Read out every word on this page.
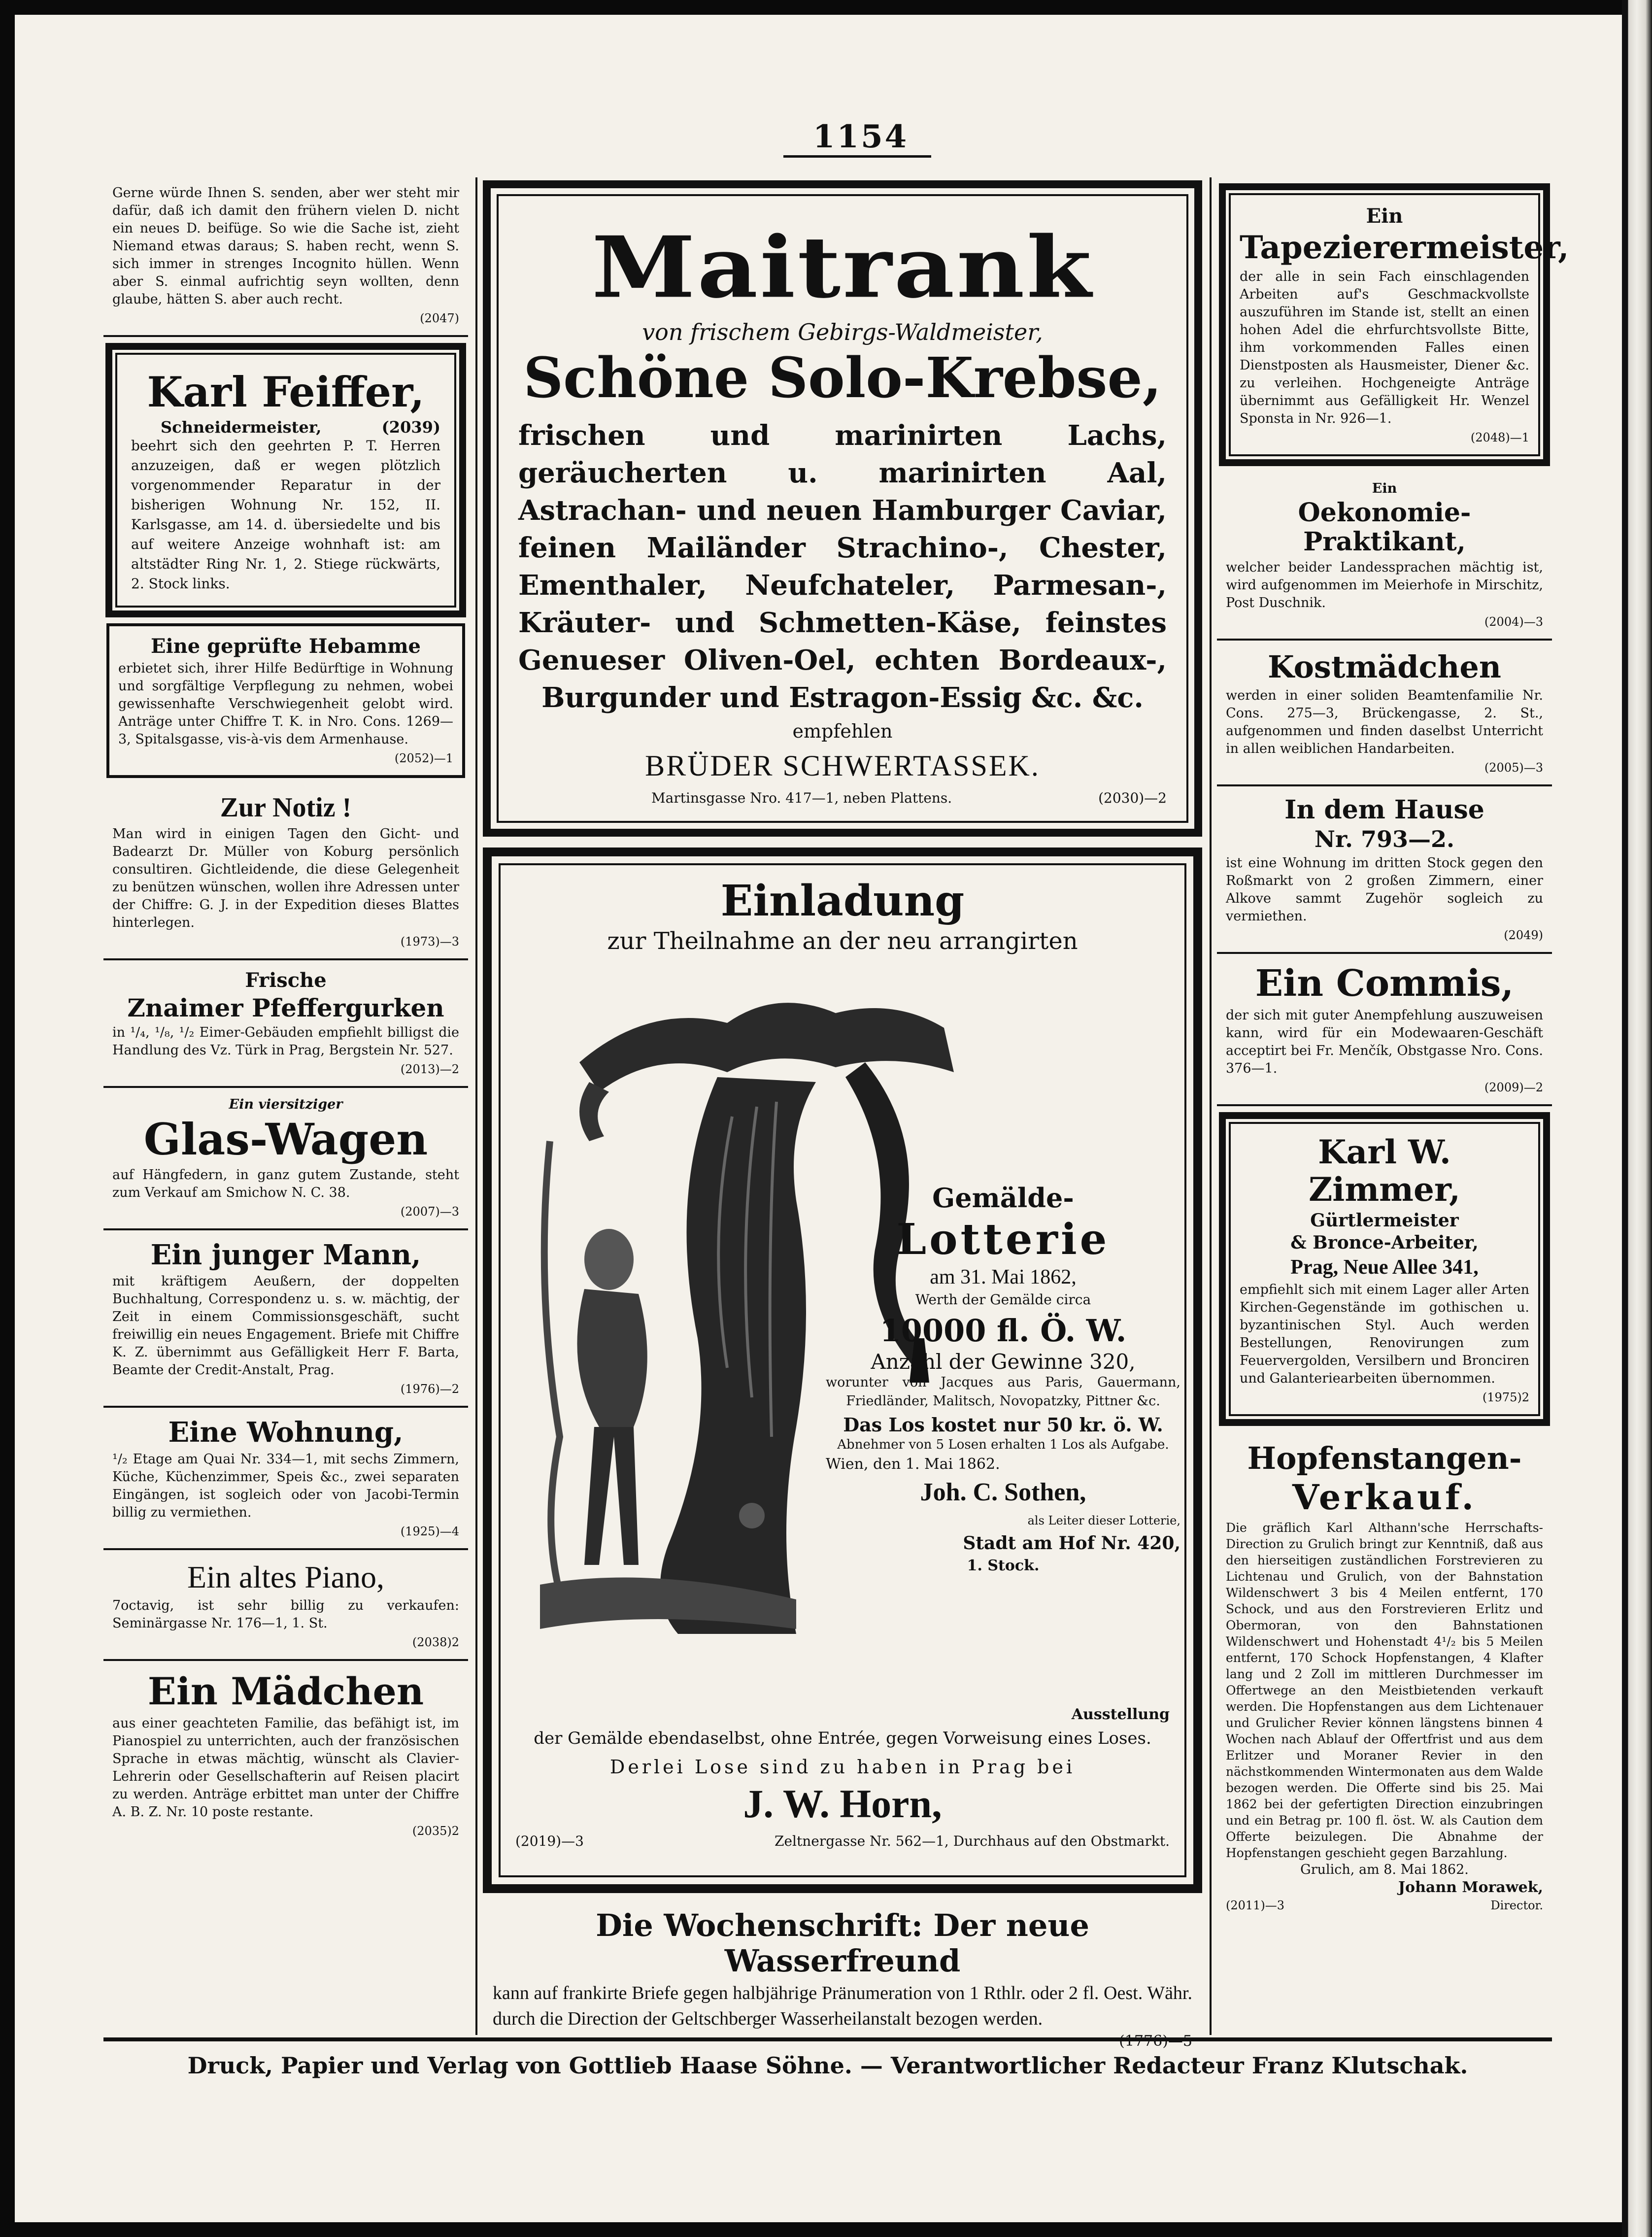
1154
Gerne würde Ihnen S. senden, aber wer steht mir dafür, daß ich damit den frühern vielen D. nicht ein neues D. beifüge. So wie die Sache ist, zieht Niemand etwas daraus; S. haben recht, wenn S. sich immer in strenges Incognito hüllen. Wenn aber S. einmal aufrichtig seyn wollten, denn glaube, hätten S. aber auch recht.
(2047)
Karl Feiffer,
Schneidermeister,	(2039)
beehrt sich den geehrten P. T. Herren anzuzeigen, daß er wegen plötzlich vorgenommender Reparatur in der bisherigen Wohnung Nr. 152, II. Karlsgasse, am 14. d. übersiedelte und bis auf weitere Anzeige wohnhaft ist: am altstädter Ring Nr. 1, 2. Stiege rückwärts, 2. Stock links.
Eine geprüfte Hebamme
erbietet sich, ihrer Hilfe Bedürftige in Wohnung und sorgfältige Verpflegung zu nehmen, wobei gewissenhafte Verschwiegenheit gelobt wird. Anträge unter Chiffre T. K. in Nro. Cons. 1269—3, Spitalsgasse, vis-à-vis dem Armenhause.
(2052)—1
Zur Notiz !
Man wird in einigen Tagen den Gicht- und Badearzt Dr. Müller von Koburg persönlich consultiren. Gichtleidende, die diese Gelegenheit zu benützen wünschen, wollen ihre Adressen unter der Chiffre: G. J. in der Expedition dieses Blattes hinterlegen.
(1973)—3
Frische
Znaimer Pfeffergurken
in ¹/₄, ¹/₈, ¹/₂ Eimer-Gebäuden empfiehlt billigst die Handlung des Vz. Türk in Prag, Bergstein Nr. 527.
(2013)—2
Ein viersitziger
Glas-Wagen
auf Hängfedern, in ganz gutem Zustande, steht zum Verkauf am Smichow N. C. 38.
(2007)—3
Ein junger Mann,
mit kräftigem Aeußern, der doppelten Buchhaltung, Correspondenz u. s. w. mächtig, der Zeit in einem Commissionsgeschäft, sucht freiwillig ein neues Engagement. Briefe mit Chiffre K. Z. übernimmt aus Gefälligkeit Herr F. Barta, Beamte der Credit-Anstalt, Prag.
(1976)—2
Eine Wohnung,
¹/₂ Etage am Quai Nr. 334—1, mit sechs Zimmern, Küche, Küchenzimmer, Speis &c., zwei separaten Eingängen, ist sogleich oder von Jacobi-Termin billig zu vermiethen.
(1925)—4
Ein altes Piano,
7octavig, ist sehr billig zu verkaufen: Seminärgasse Nr. 176—1, 1. St.
(2038)2
Ein Mädchen
aus einer geachteten Familie, das befähigt ist, im Pianospiel zu unterrichten, auch der französischen Sprache in etwas mächtig, wünscht als Clavier-Lehrerin oder Gesellschafterin auf Reisen placirt zu werden. Anträge erbittet man unter der Chiffre A. B. Z. Nr. 10 poste restante.
(2035)2
Maitrank
von frischem Gebirgs-Waldmeister,
Schöne Solo-Krebse,
frischen und marinirten Lachs, geräucherten u. marinirten Aal, Astrachan- und neuen Hamburger Caviar, feinen Mailänder Strachino-, Chester, Ementhaler, Neufchateler, Parmesan-, Kräuter- und Schmetten-Käse, feinstes Genueser Oliven-Oel, echten Bordeaux-, Burgunder und Estragon-Essig &c. &c.
empfehlen
BRÜDER SCHWERTASSEK.
Martinsgasse Nro. 417—1, neben Plattens.	(2030)—2
Einladung
zur Theilnahme an der neu arrangirten
Gemälde-
Lotterie
am 31. Mai 1862,
Werth der Gemälde circa
10000 fl. Ö. W.
Anzahl der Gewinne 320,
worunter von Jacques aus Paris, Gauermann, Friedländer, Malitsch, Novopatzky, Pittner &c.
Das Los kostet nur 50 kr. ö. W.
Abnehmer von 5 Losen erhalten 1 Los als Aufgabe.
Wien, den 1. Mai 1862.
Joh. C. Sothen,
als Leiter dieser Lotterie,
Stadt am Hof Nr. 420,
1. Stock.
Ausstellung
der Gemälde ebendaselbst, ohne Entrée, gegen Vorweisung eines Loses.
Derlei Lose sind zu haben in Prag bei
J. W. Horn,
(2019)—3	Zeltnergasse Nr. 562—1, Durchhaus auf den Obstmarkt.
Die Wochenschrift: Der neue Wasserfreund
kann auf frankirte Briefe gegen halbjährige Pränumeration von 1 Rthlr. oder 2 fl. Oest. Währ. durch die Direction der Geltschberger Wasserheilanstalt bezogen werden.
Ein
Tapezierermeister,
der alle in sein Fach einschlagenden Arbeiten auf's Geschmackvollste auszuführen im Stande ist, stellt an einen hohen Adel die ehrfurchtsvollste Bitte, ihm vorkommenden Falles einen Dienstposten als Hausmeister, Diener &c. zu verleihen. Hochgeneigte Anträge übernimmt aus Gefälligkeit Hr. Wenzel Sponsta in Nr. 926—1.
(2048)—1
Ein
Oekonomie-Praktikant,
welcher beider Landessprachen mächtig ist, wird aufgenommen im Meierhofe in Mirschitz, Post Duschnik.
(2004)—3
Kostmädchen
werden in einer soliden Beamtenfamilie Nr. Cons. 275—3, Brückengasse, 2. St., aufgenommen und finden daselbst Unterricht in allen weiblichen Handarbeiten.
(2005)—3
In dem Hause
Nr. 793—2.
ist eine Wohnung im dritten Stock gegen den Roßmarkt von 2 großen Zimmern, einer Alkove sammt Zugehör sogleich zu vermiethen.
(2049)
Ein Commis,
der sich mit guter Anempfehlung auszuweisen kann, wird für ein Modewaaren-Geschäft acceptirt bei Fr. Menčík, Obstgasse Nro. Cons. 376—1.
(2009)—2
Karl W. Zimmer,
Gürtlermeister
& Bronce-Arbeiter,
Prag, Neue Allee 341,
empfiehlt sich mit einem Lager aller Arten Kirchen-Gegenstände im gothischen u. byzantinischen Styl. Auch werden Bestellungen, Renovirungen zum Feuervergolden, Versilbern und Bronciren und Galanteriearbeiten übernommen.
(1975)2
Hopfenstangen-
Verkauf.
Die gräflich Karl Althann'sche Herrschafts-Direction zu Grulich bringt zur Kenntniß, daß aus den hierseitigen zuständlichen Forstrevieren zu Lichtenau und Grulich, von der Bahnstation Wildenschwert 3 bis 4 Meilen entfernt, 170 Schock, und aus den Forstrevieren Erlitz und Obermoran, von den Bahnstationen Wildenschwert und Hohenstadt 4¹/₂ bis 5 Meilen entfernt, 170 Schock Hopfenstangen, 4 Klafter lang und 2 Zoll im mittleren Durchmesser im Offertwege an den Meistbietenden verkauft werden. Die Hopfenstangen aus dem Lichtenauer und Grulicher Revier können längstens binnen 4 Wochen nach Ablauf der Offertfrist und aus dem Erlitzer und Moraner Revier in den nächstkommenden Wintermonaten aus dem Walde bezogen werden. Die Offerte sind bis 25. Mai 1862 bei der gefertigten Direction einzubringen und ein Betrag pr. 100 fl. öst. W. als Caution dem Offerte beizulegen. Die Abnahme der Hopfenstangen geschieht gegen Barzahlung.
Grulich, am 8. Mai 1862.
Johann Morawek,
(2011)—3	Director.
Druck, Papier und Verlag von Gottlieb Haase Söhne. — Verantwortlicher Redacteur Franz Klutschak.
